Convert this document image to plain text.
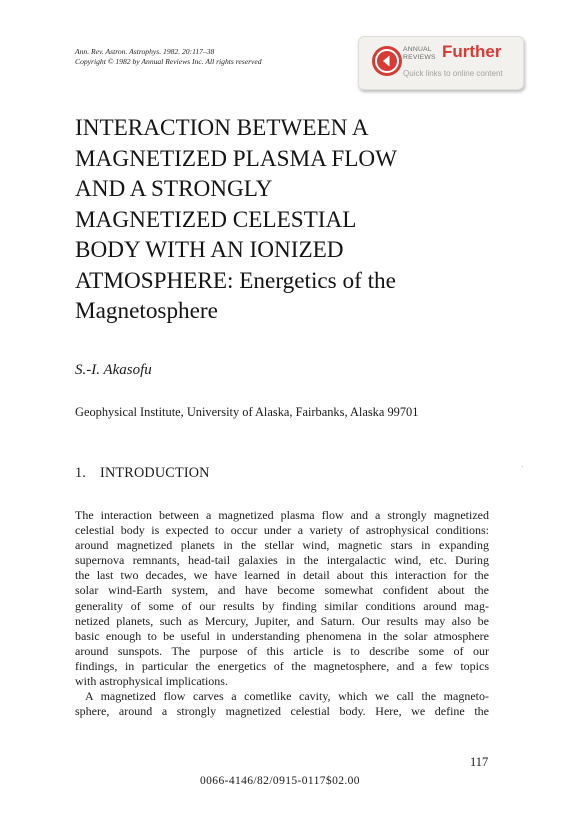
Ann. Rev. Astron. Astrophys. 1982. 20:117–38
Copyright © 1982 by Annual Reviews Inc. All rights reserved
ANNUAL
REVIEWS Further
Quick links to online content
INTERACTION BETWEEN A
MAGNETIZED PLASMA FLOW
AND A STRONGLY
MAGNETIZED CELESTIAL
BODY WITH AN IONIZED
ATMOSPHERE: Energetics of the
Magnetosphere
S.-I. Akasofu
Geophysical Institute, University of Alaska, Fairbanks, Alaska 99701
1. INTRODUCTION
The interaction between a magnetized plasma flow and a strongly magnetized
celestial body is expected to occur under a variety of astrophysical conditions:
around magnetized planets in the stellar wind, magnetic stars in expanding
supernova remnants, head-tail galaxies in the intergalactic wind, etc. During
the last two decades, we have learned in detail about this interaction for the
solar wind-Earth system, and have become somewhat confident about the
generality of some of our results by finding similar conditions around mag-
netized planets, such as Mercury, Jupiter, and Saturn. Our results may also be
basic enough to be useful in understanding phenomena in the solar atmosphere
around sunspots. The purpose of this article is to describe some of our
findings, in particular the energetics of the magnetosphere, and a few topics
with astrophysical implications.
A magnetized flow carves a cometlike cavity, which we call the magneto-
sphere, around a strongly magnetized celestial body. Here, we define the
117
0066-4146/82/0915-0117$02.00
